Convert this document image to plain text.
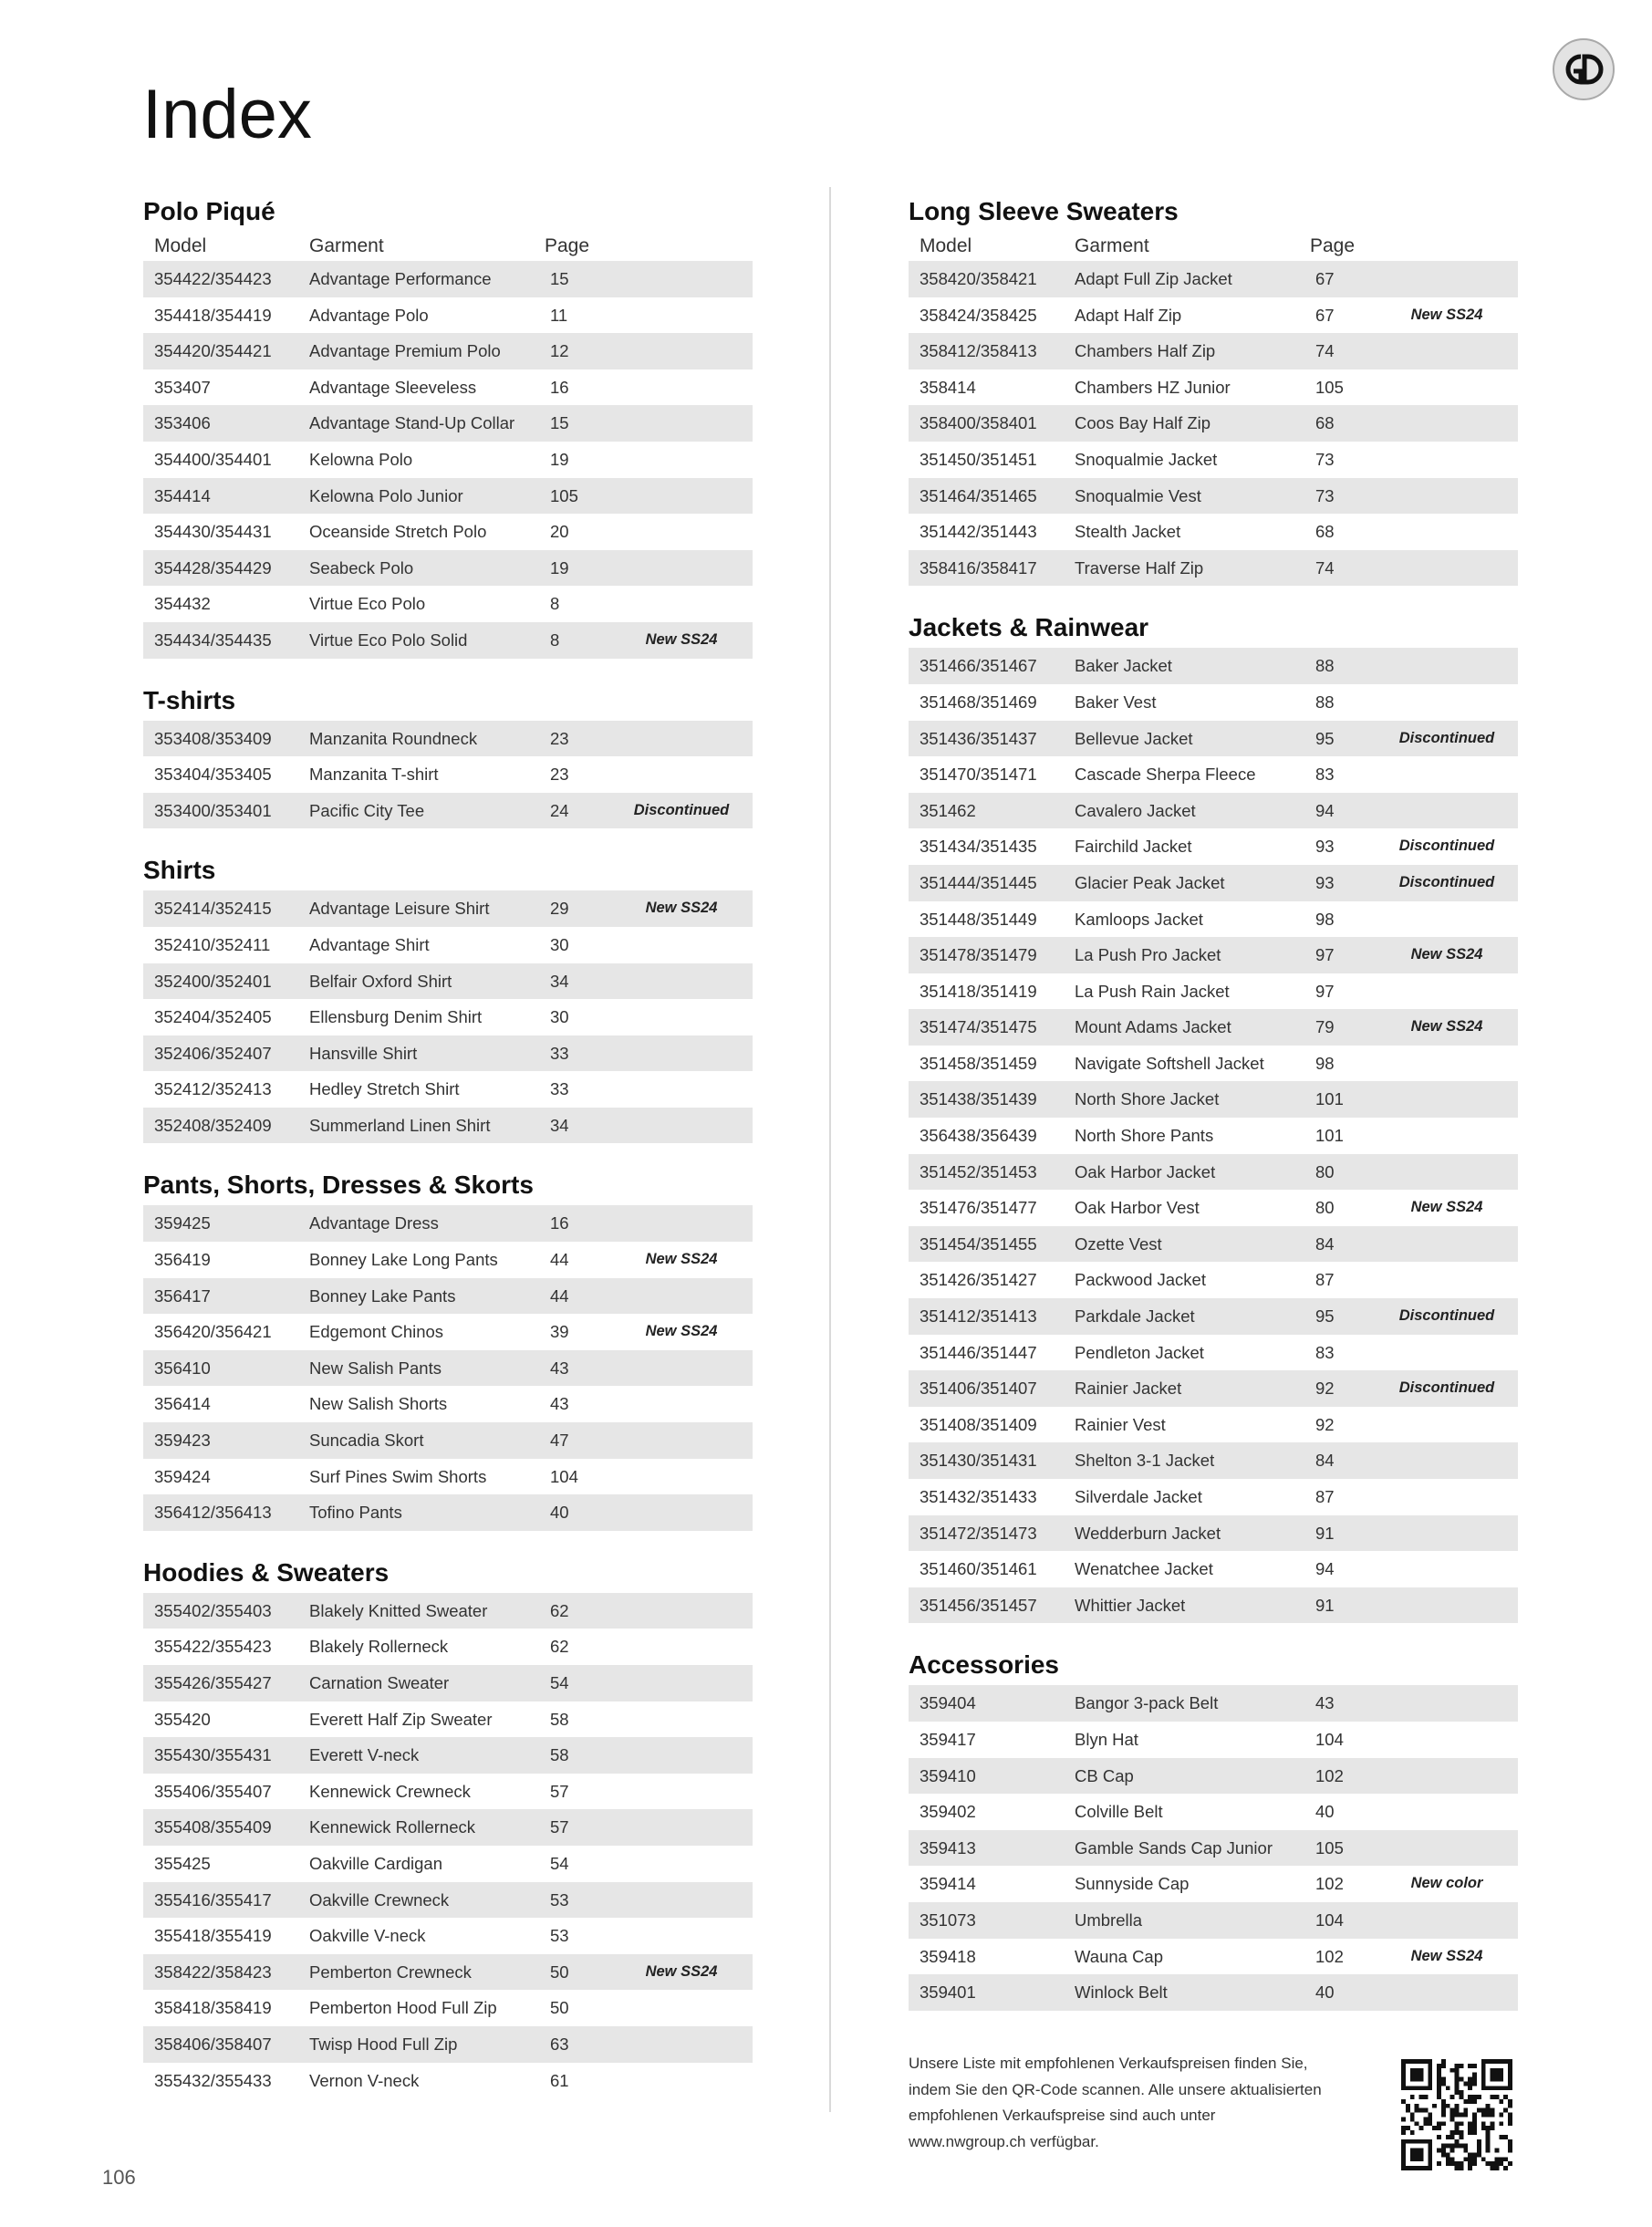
Index
Polo Piqué
Model	Garment	Page
354422/354423	Advantage Performance	15
354418/354419	Advantage Polo	11
354420/354421	Advantage Premium Polo	12
353407	Advantage Sleeveless	16
353406	Advantage Stand-Up Collar	15
354400/354401	Kelowna Polo	19
354414	Kelowna Polo Junior	105
354430/354431	Oceanside Stretch Polo	20
354428/354429	Seabeck Polo	19
354432	Virtue Eco Polo	8
354434/354435	Virtue Eco Polo Solid	8	New SS24
T-shirts
353408/353409	Manzanita Roundneck	23
353404/353405	Manzanita T-shirt	23
353400/353401	Pacific City Tee	24	Discontinued
Shirts
352414/352415	Advantage Leisure Shirt	29	New SS24
352410/352411	Advantage Shirt	30
352400/352401	Belfair Oxford Shirt	34
352404/352405	Ellensburg Denim Shirt	30
352406/352407	Hansville Shirt	33
352412/352413	Hedley Stretch Shirt	33
352408/352409	Summerland Linen Shirt	34
Pants, Shorts, Dresses & Skorts
359425	Advantage Dress	16
356419	Bonney Lake Long Pants	44	New SS24
356417	Bonney Lake Pants	44
356420/356421	Edgemont Chinos	39	New SS24
356410	New Salish Pants	43
356414	New Salish Shorts	43
359423	Suncadia Skort	47
359424	Surf Pines Swim Shorts	104
356412/356413	Tofino Pants	40
Hoodies & Sweaters
355402/355403	Blakely Knitted Sweater	62
355422/355423	Blakely Rollerneck	62
355426/355427	Carnation Sweater	54
355420	Everett Half Zip Sweater	58
355430/355431	Everett V-neck	58
355406/355407	Kennewick Crewneck	57
355408/355409	Kennewick Rollerneck	57
355425	Oakville Cardigan	54
355416/355417	Oakville Crewneck	53
355418/355419	Oakville V-neck	53
358422/358423	Pemberton Crewneck	50	New SS24
358418/358419	Pemberton Hood Full Zip	50
358406/358407	Twisp Hood Full Zip	63
355432/355433	Vernon V-neck	61
Long Sleeve Sweaters
Model	Garment	Page
358420/358421	Adapt Full Zip Jacket	67
358424/358425	Adapt Half Zip	67	New SS24
358412/358413	Chambers Half Zip	74
358414	Chambers HZ Junior	105
358400/358401	Coos Bay Half Zip	68
351450/351451	Snoqualmie Jacket	73
351464/351465	Snoqualmie Vest	73
351442/351443	Stealth Jacket	68
358416/358417	Traverse Half Zip	74
Jackets & Rainwear
351466/351467	Baker Jacket	88
351468/351469	Baker Vest	88
351436/351437	Bellevue Jacket	95	Discontinued
351470/351471	Cascade Sherpa Fleece	83
351462	Cavalero Jacket	94
351434/351435	Fairchild Jacket	93	Discontinued
351444/351445	Glacier Peak Jacket	93	Discontinued
351448/351449	Kamloops Jacket	98
351478/351479	La Push Pro Jacket	97	New SS24
351418/351419	La Push Rain Jacket	97
351474/351475	Mount Adams Jacket	79	New SS24
351458/351459	Navigate Softshell Jacket	98
351438/351439	North Shore Jacket	101
356438/356439	North Shore Pants	101
351452/351453	Oak Harbor Jacket	80
351476/351477	Oak Harbor Vest	80	New SS24
351454/351455	Ozette Vest	84
351426/351427	Packwood Jacket	87
351412/351413	Parkdale Jacket	95	Discontinued
351446/351447	Pendleton Jacket	83
351406/351407	Rainier Jacket	92	Discontinued
351408/351409	Rainier Vest	92
351430/351431	Shelton 3-1 Jacket	84
351432/351433	Silverdale Jacket	87
351472/351473	Wedderburn Jacket	91
351460/351461	Wenatchee Jacket	94
351456/351457	Whittier Jacket	91
Accessories
359404	Bangor 3-pack Belt	43
359417	Blyn Hat	104
359410	CB Cap	102
359402	Colville Belt	40
359413	Gamble Sands Cap Junior	105
359414	Sunnyside Cap	102	New color
351073	Umbrella	104
359418	Wauna Cap	102	New SS24
359401	Winlock Belt	40
Unsere Liste mit empfohlenen Verkaufspreisen finden Sie,
indem Sie den QR-Code scannen. Alle unsere aktualisierten
empfohlenen Verkaufspreise sind auch unter
www.nwgroup.ch verfügbar.
106
